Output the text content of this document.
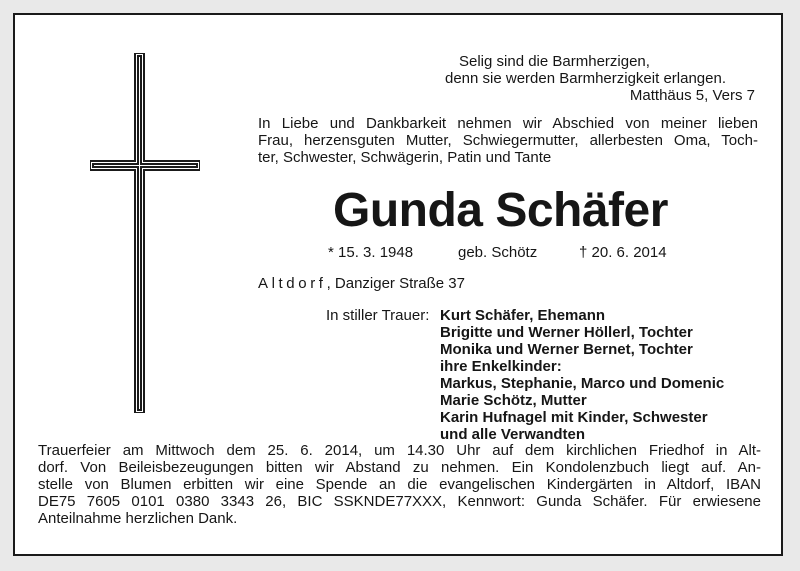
Selig sind die Barmherzigen,
denn sie werden Barmherzigkeit erlangen.
Matthäus 5, Vers 7
In Liebe und Dankbarkeit nehmen wir Abschied von meiner lieben
Frau, herzensguten Mutter, Schwiegermutter, allerbesten Oma, Toch-
ter, Schwester, Schwägerin, Patin und Tante
Gunda Schäfer
* 15. 3. 1948	geb. Schötz	† 20. 6. 2014
Altdorf, Danziger Straße 37
In stiller Trauer: Kurt Schäfer, Ehemann
Brigitte und Werner Höllerl, Tochter
Monika und Werner Bernet, Tochter
ihre Enkelkinder:
Markus, Stephanie, Marco und Domenic
Marie Schötz, Mutter
Karin Hufnagel mit Kinder, Schwester
und alle Verwandten
Trauerfeier am Mittwoch dem 25. 6. 2014, um 14.30 Uhr auf dem kirchlichen Friedhof in Alt-
dorf. Von Beileisbezeugungen bitten wir Abstand zu nehmen. Ein Kondolenzbuch liegt auf. An-
stelle von Blumen erbitten wir eine Spende an die evangelischen Kindergärten in Altdorf, IBAN
DE75 7605 0101 0380 3343 26, BIC SSKNDE77XXX, Kennwort: Gunda Schäfer. Für erwiesene
Anteilnahme herzlichen Dank.
